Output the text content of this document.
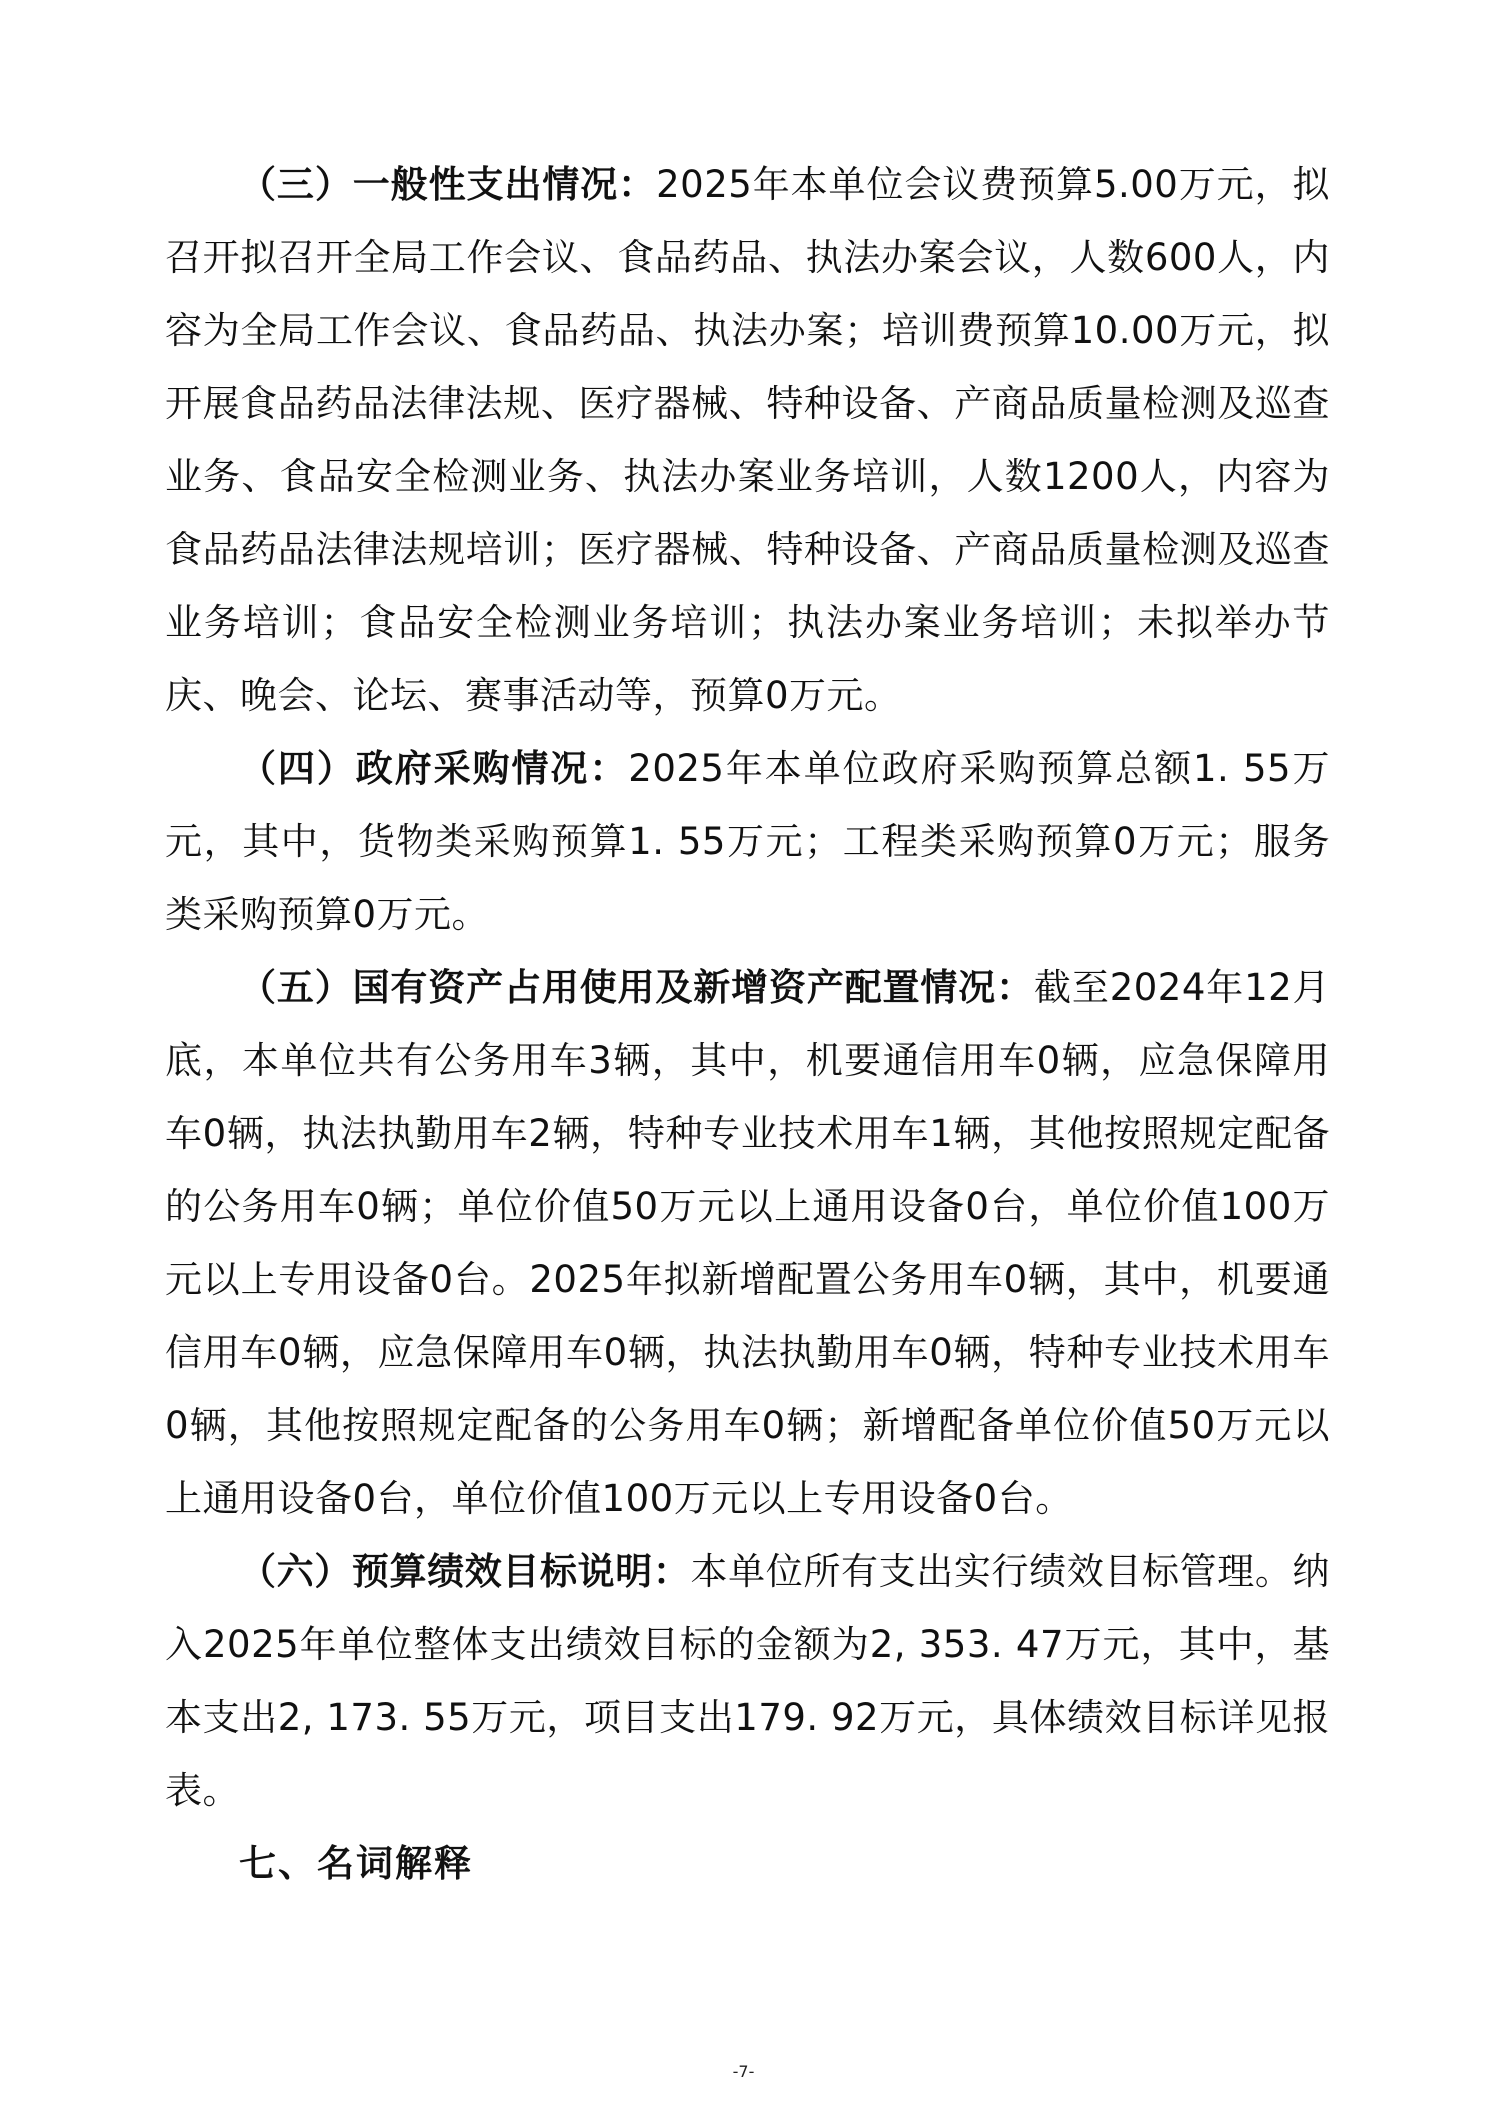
（三）一般性支出情况：2025年本单位会议费预算5.00万元，拟召开拟召开全局工作会议、食品药品、执法办案会议，人数600人，内容为全局工作会议、食品药品、执法办案；培训费预算10.00万元，拟开展食品药品法律法规、医疗器械、特种设备、产商品质量检测及巡查业务、食品安全检测业务、执法办案业务培训，人数1200人，内容为食品药品法律法规培训；医疗器械、特种设备、产商品质量检测及巡查业务培训；食品安全检测业务培训；执法办案业务培训；未拟举办节庆、晚会、论坛、赛事活动等，预算0万元。

（四）政府采购情况：2025年本单位政府采购预算总额1. 55万元，其中，货物类采购预算1. 55万元；工程类采购预算0万元；服务类采购预算0万元。

（五）国有资产占用使用及新增资产配置情况：截至2024年12月底，本单位共有公务用车3辆，其中，机要通信用车0辆，应急保障用车0辆，执法执勤用车2辆，特种专业技术用车1辆，其他按照规定配备的公务用车0辆；单位价值50万元以上通用设备0台，单位价值100万元以上专用设备0台。2025年拟新增配置公务用车0辆，其中，机要通信用车0辆，应急保障用车0辆，执法执勤用车0辆，特种专业技术用车0辆，其他按照规定配备的公务用车0辆；新增配备单位价值50万元以上通用设备0台，单位价值100万元以上专用设备0台。

（六）预算绩效目标说明：本单位所有支出实行绩效目标管理。纳入2025年单位整体支出绩效目标的金额为2, 353. 47万元，其中，基本支出2, 173. 55万元，项目支出179. 92万元，具体绩效目标详见报表。

七、名词解释

-7-
